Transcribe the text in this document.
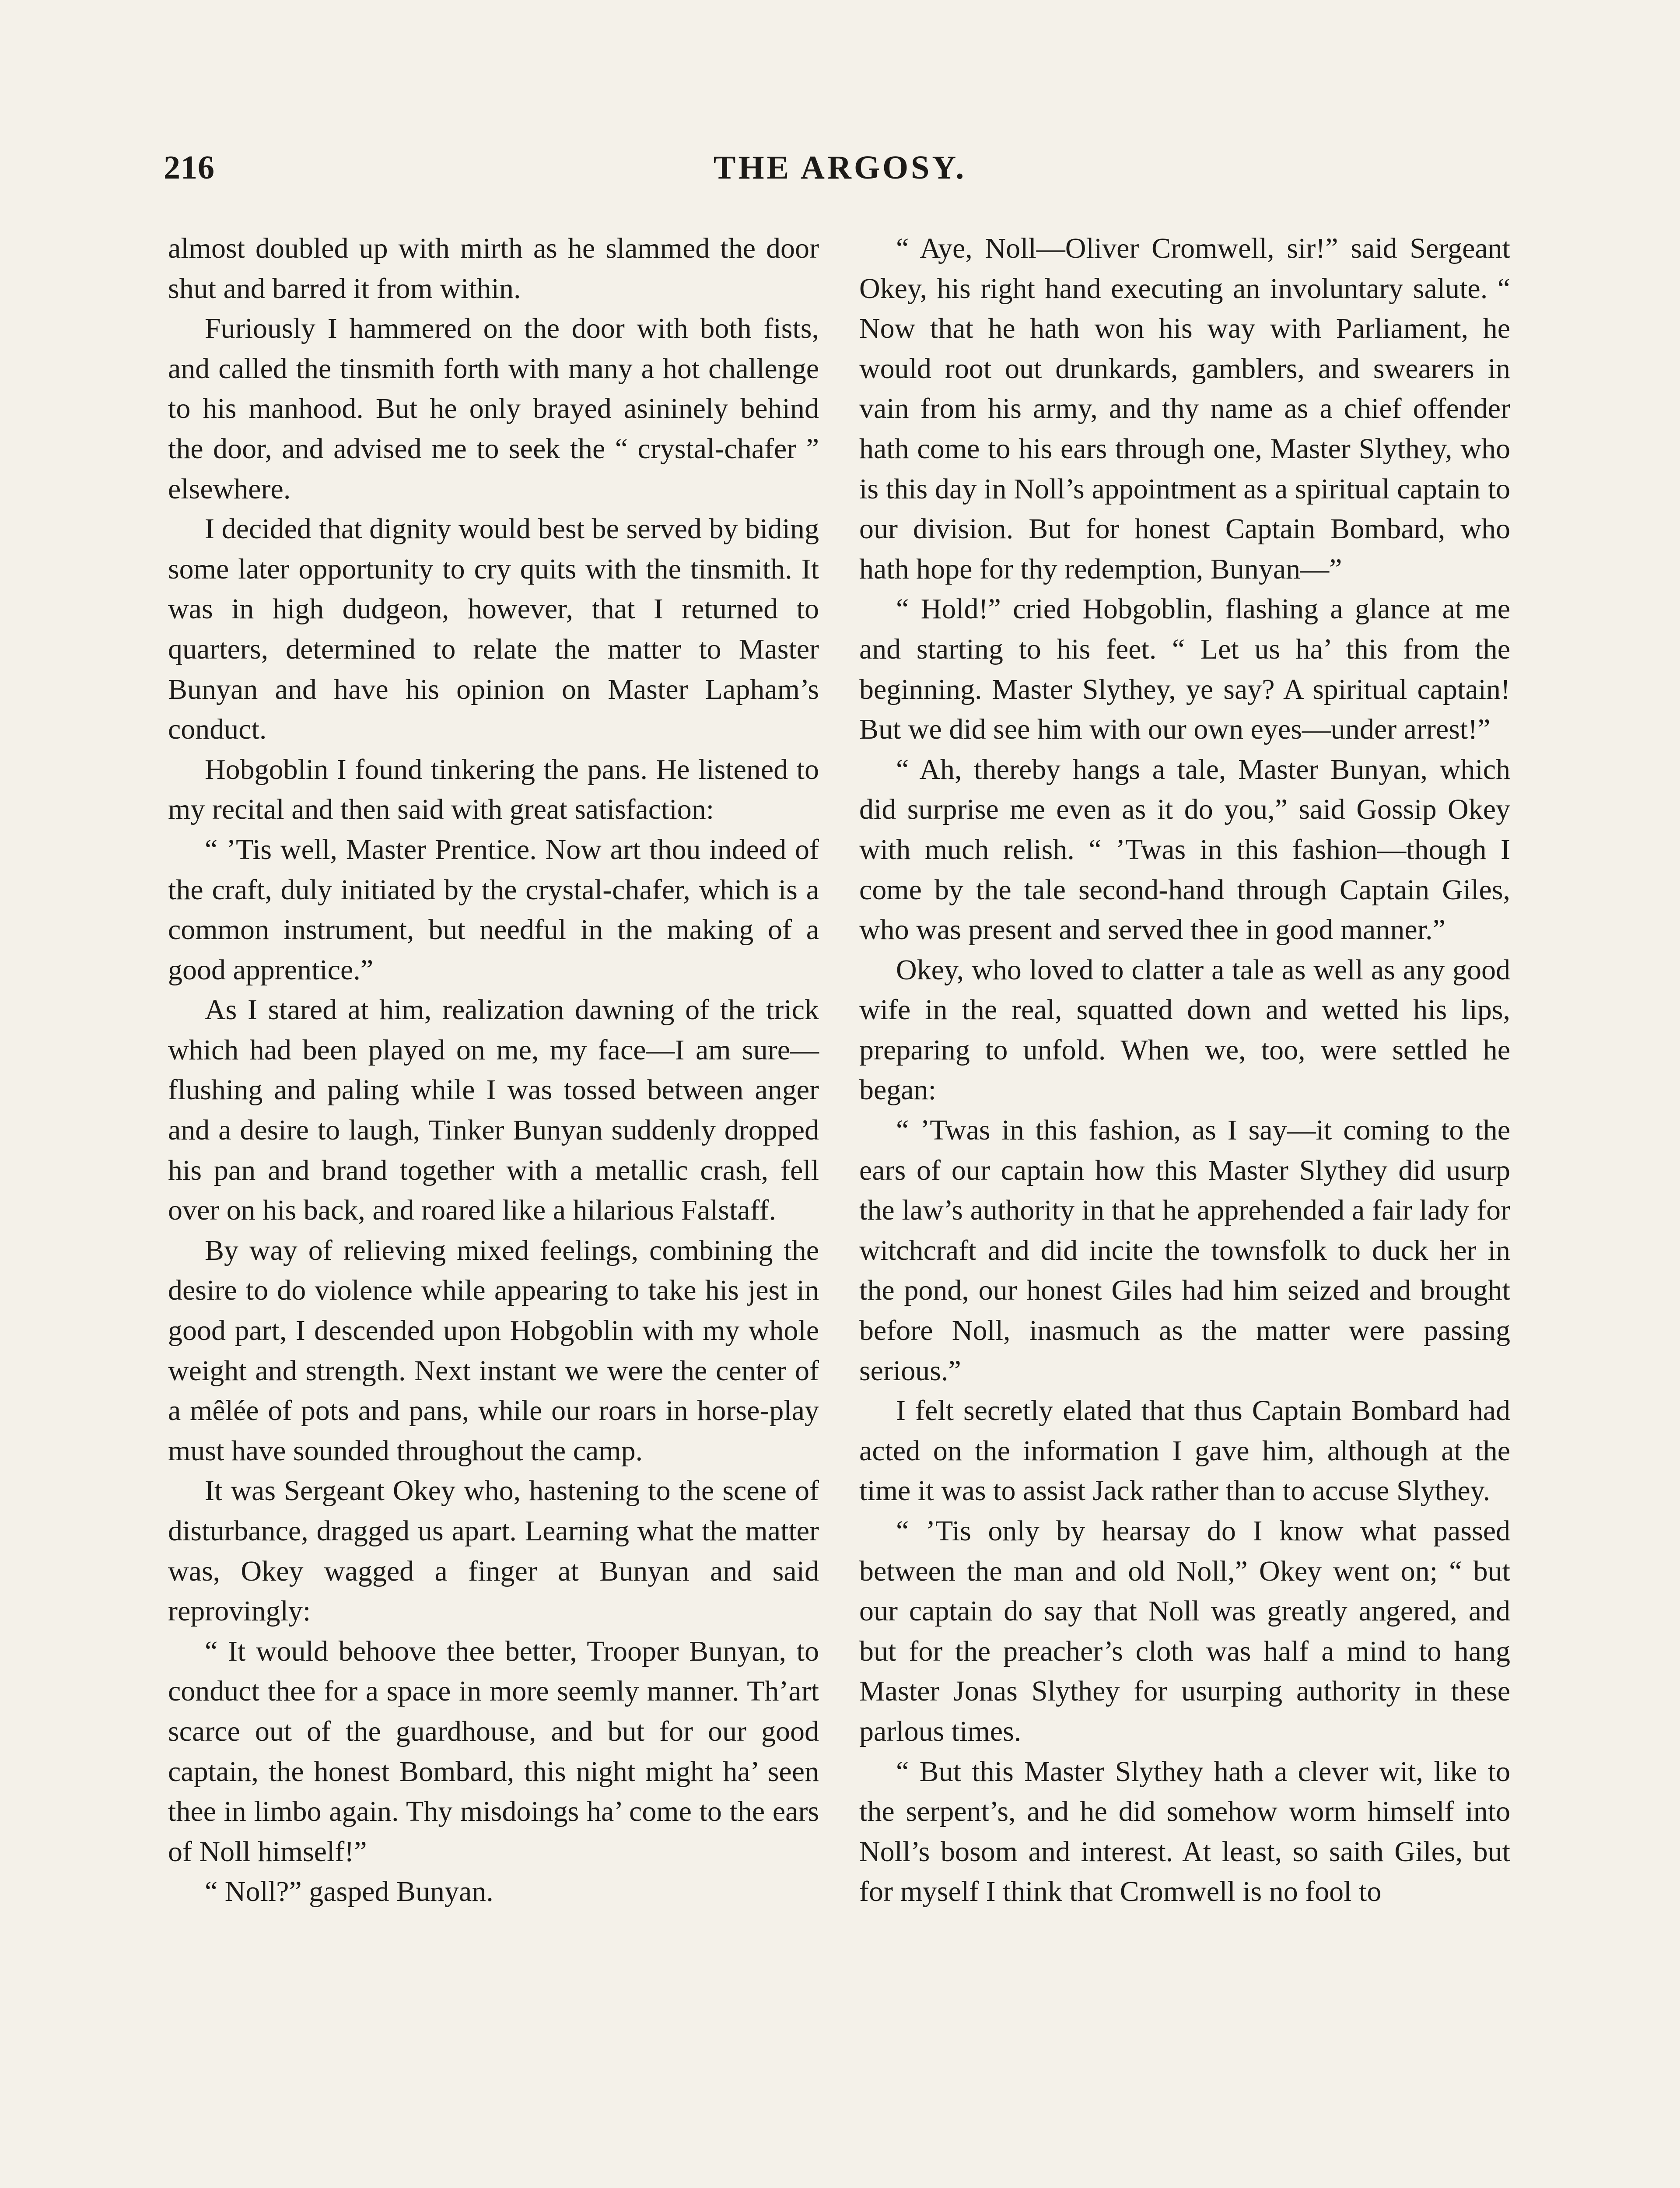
216	THE ARGOSY.

almost doubled up with mirth as he slammed the door shut and barred it from within.

Furiously I hammered on the door with both fists, and called the tinsmith forth with many a hot challenge to his manhood. But he only brayed asininely behind the door, and advised me to seek the “ crystal-chafer ” elsewhere.

I decided that dignity would best be served by biding some later opportunity to cry quits with the tinsmith. It was in high dudgeon, however, that I returned to quarters, determined to relate the matter to Master Bunyan and have his opinion on Master Lapham’s conduct.

Hobgoblin I found tinkering the pans. He listened to my recital and then said with great satisfaction:

“ ’Tis well, Master Prentice. Now art thou indeed of the craft, duly initiated by the crystal-chafer, which is a common instrument, but needful in the making of a good apprentice.”

As I stared at him, realization dawning of the trick which had been played on me, my face—I am sure—flushing and paling while I was tossed between anger and a desire to laugh, Tinker Bunyan suddenly dropped his pan and brand together with a metallic crash, fell over on his back, and roared like a hilarious Falstaff.

By way of relieving mixed feelings, combining the desire to do violence while appearing to take his jest in good part, I descended upon Hobgoblin with my whole weight and strength. Next instant we were the center of a mêlée of pots and pans, while our roars in horse-play must have sounded throughout the camp.

It was Sergeant Okey who, hastening to the scene of disturbance, dragged us apart. Learning what the matter was, Okey wagged a finger at Bunyan and said reprovingly:

“ It would behoove thee better, Trooper Bunyan, to conduct thee for a space in more seemly manner. Th’art scarce out of the guardhouse, and but for our good captain, the honest Bombard, this night might ha’ seen thee in limbo again. Thy misdoings ha’ come to the ears of Noll himself!”

“ Noll?” gasped Bunyan.

“ Aye, Noll—Oliver Cromwell, sir!” said Sergeant Okey, his right hand executing an involuntary salute. “ Now that he hath won his way with Parliament, he would root out drunkards, gamblers, and swearers in vain from his army, and thy name as a chief offender hath come to his ears through one, Master Slythey, who is this day in Noll’s appointment as a spiritual captain to our division. But for honest Captain Bombard, who hath hope for thy redemption, Bunyan—”

“ Hold!” cried Hobgoblin, flashing a glance at me and starting to his feet. “ Let us ha’ this from the beginning. Master Slythey, ye say? A spiritual captain! But we did see him with our own eyes—under arrest!”

“ Ah, thereby hangs a tale, Master Bunyan, which did surprise me even as it do you,” said Gossip Okey with much relish. “ ’Twas in this fashion—though I come by the tale second-hand through Captain Giles, who was present and served thee in good manner.”

Okey, who loved to clatter a tale as well as any good wife in the real, squatted down and wetted his lips, preparing to unfold. When we, too, were settled he began:

“ ’Twas in this fashion, as I say—it coming to the ears of our captain how this Master Slythey did usurp the law’s authority in that he apprehended a fair lady for witchcraft and did incite the townsfolk to duck her in the pond, our honest Giles had him seized and brought before Noll, inasmuch as the matter were passing serious.”

I felt secretly elated that thus Captain Bombard had acted on the information I gave him, although at the time it was to assist Jack rather than to accuse Slythey.

“ ’Tis only by hearsay do I know what passed between the man and old Noll,” Okey went on; “ but our captain do say that Noll was greatly angered, and but for the preacher’s cloth was half a mind to hang Master Jonas Slythey for usurping authority in these parlous times.

“ But this Master Slythey hath a clever wit, like to the serpent’s, and he did somehow worm himself into Noll’s bosom and interest. At least, so saith Giles, but for myself I think that Cromwell is no fool to
